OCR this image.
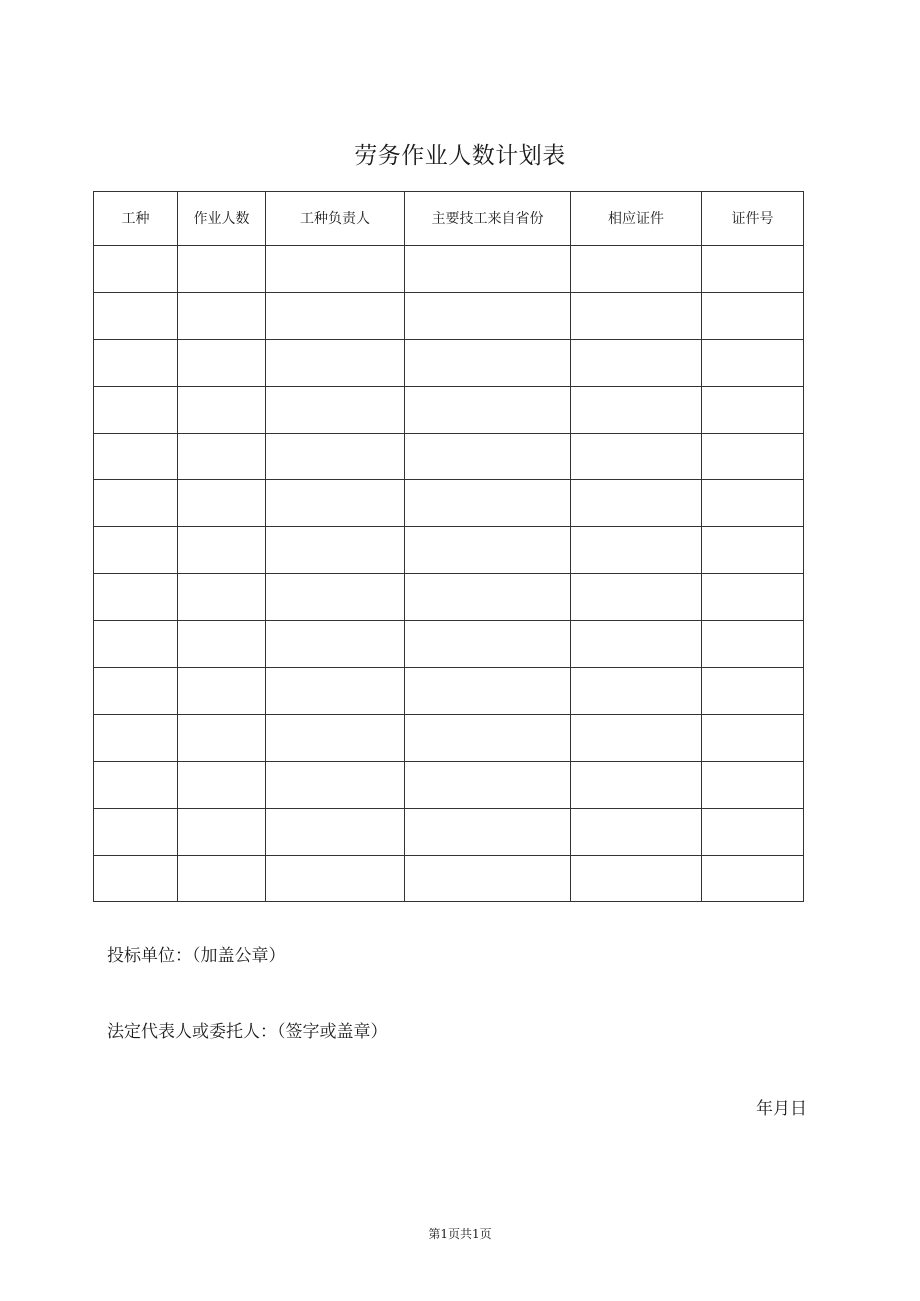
劳务作业人数计划表
工种	作业人数	工种负责人	主要技工来自省份	相应证件	证件号

投标单位：（加盖公章）
法定代表人或委托人：（签字或盖章）
年月日
第1页共1页
